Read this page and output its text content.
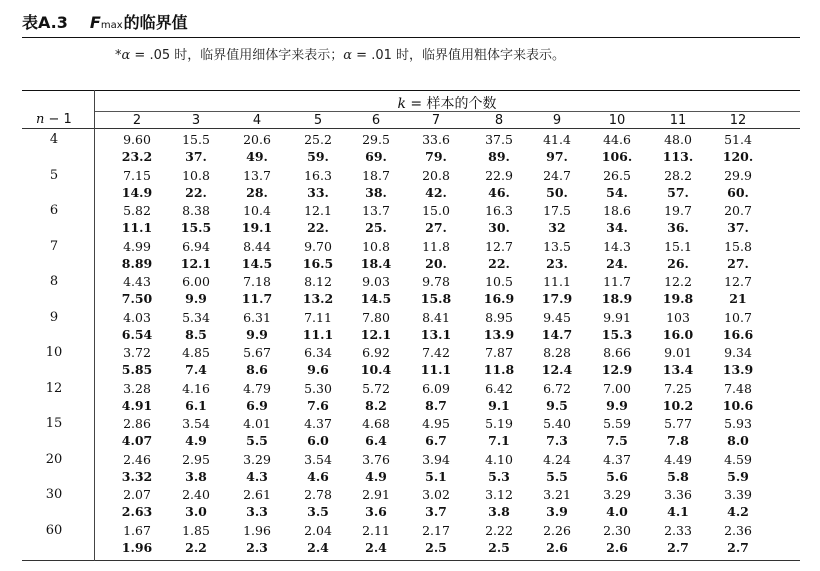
表A.3 F max 的临界值
*α = .05 时，临界值用细体字来表示；α = .01 时，临界值用粗体字来表示。
k = 样本的个数
n − 1	2	3	4	5	6	7	8	9	10	11	12
4	9.60	15.5	20.6	25.2	29.5	33.6	37.5	41.4	44.6	48.0	51.4
23.2	37.	49.	59.	69.	79.	89.	97.	106.	113.	120.
5	7.15	10.8	13.7	16.3	18.7	20.8	22.9	24.7	26.5	28.2	29.9
14.9	22.	28.	33.	38.	42.	46.	50.	54.	57.	60.
6	5.82	8.38	10.4	12.1	13.7	15.0	16.3	17.5	18.6	19.7	20.7
11.1	15.5	19.1	22.	25.	27.	30.	32	34.	36.	37.
7	4.99	6.94	8.44	9.70	10.8	11.8	12.7	13.5	14.3	15.1	15.8
8.89	12.1	14.5	16.5	18.4	20.	22.	23.	24.	26.	27.
8	4.43	6.00	7.18	8.12	9.03	9.78	10.5	11.1	11.7	12.2	12.7
7.50	9.9	11.7	13.2	14.5	15.8	16.9	17.9	18.9	19.8	21
9	4.03	5.34	6.31	7.11	7.80	8.41	8.95	9.45	9.91	103	10.7
6.54	8.5	9.9	11.1	12.1	13.1	13.9	14.7	15.3	16.0	16.6
10	3.72	4.85	5.67	6.34	6.92	7.42	7.87	8.28	8.66	9.01	9.34
5.85	7.4	8.6	9.6	10.4	11.1	11.8	12.4	12.9	13.4	13.9
12	3.28	4.16	4.79	5.30	5.72	6.09	6.42	6.72	7.00	7.25	7.48
4.91	6.1	6.9	7.6	8.2	8.7	9.1	9.5	9.9	10.2	10.6
15	2.86	3.54	4.01	4.37	4.68	4.95	5.19	5.40	5.59	5.77	5.93
4.07	4.9	5.5	6.0	6.4	6.7	7.1	7.3	7.5	7.8	8.0
20	2.46	2.95	3.29	3.54	3.76	3.94	4.10	4.24	4.37	4.49	4.59
3.32	3.8	4.3	4.6	4.9	5.1	5.3	5.5	5.6	5.8	5.9
30	2.07	2.40	2.61	2.78	2.91	3.02	3.12	3.21	3.29	3.36	3.39
2.63	3.0	3.3	3.5	3.6	3.7	3.8	3.9	4.0	4.1	4.2
60	1.67	1.85	1.96	2.04	2.11	2.17	2.22	2.26	2.30	2.33	2.36
1.96	2.2	2.3	2.4	2.4	2.5	2.5	2.6	2.6	2.7	2.7
